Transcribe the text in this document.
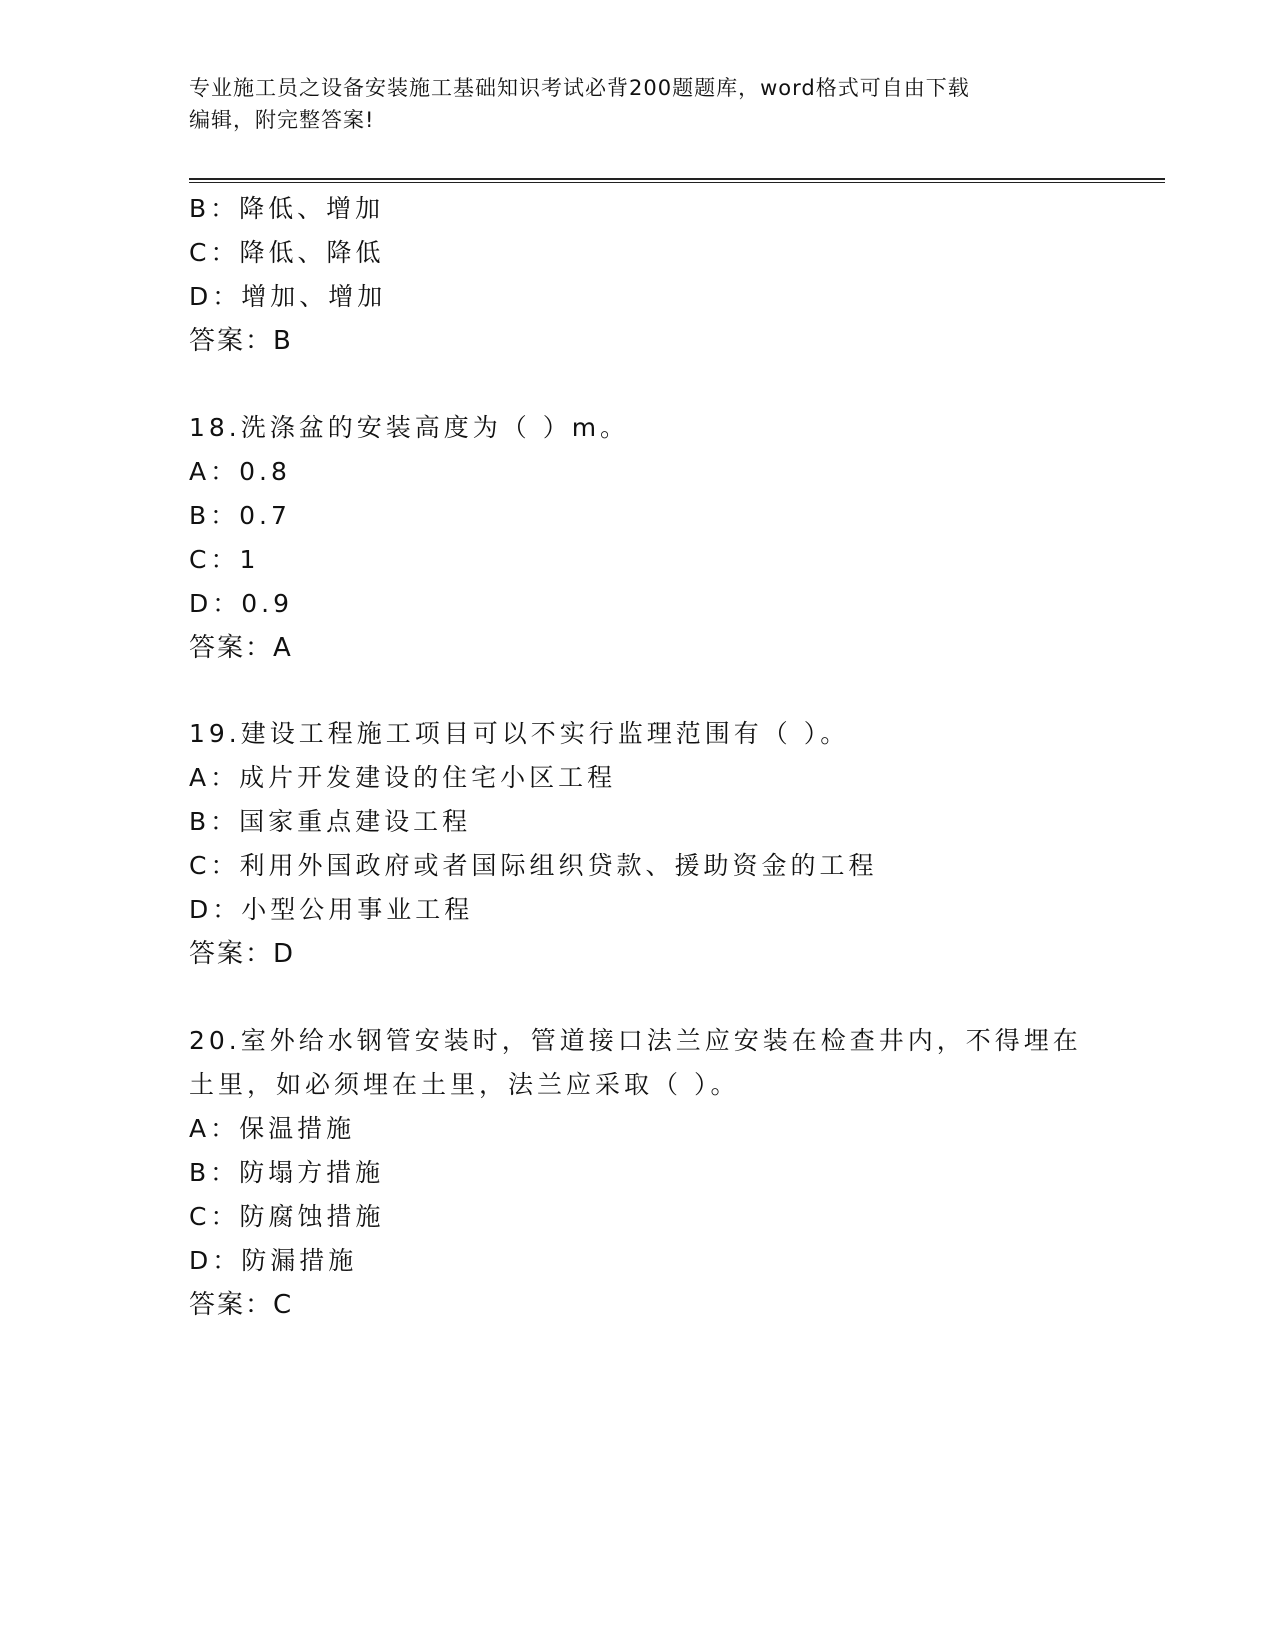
专业施工员之设备安装施工基础知识考试必背200题题库，word格式可自由下载
编辑，附完整答案!
B：降低、增加
C：降低、降低
D：增加、增加
答案：B
18.洗涤盆的安装高度为（ ）m。
A：0.8
B：0.7
C：1
D：0.9
答案：A
19.建设工程施工项目可以不实行监理范围有（ ）。
A：成片开发建设的住宅小区工程
B：国家重点建设工程
C：利用外国政府或者国际组织贷款、援助资金的工程
D：小型公用事业工程
答案：D
20.室外给水钢管安装时，管道接口法兰应安装在检查井内，不得埋在
土里，如必须埋在土里，法兰应采取（ ）。
A：保温措施
B：防塌方措施
C：防腐蚀措施
D：防漏措施
答案：C
